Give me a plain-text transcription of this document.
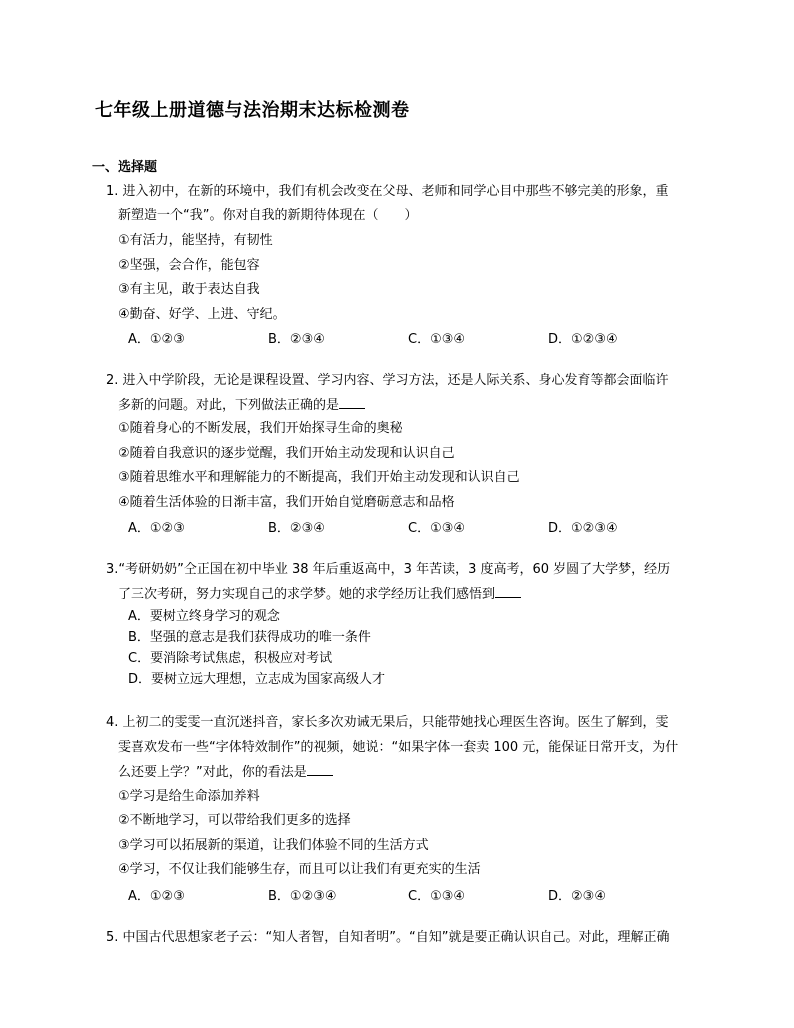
七年级上册道德与法治期末达标检测卷
一、选择题
1. 进入初中，在新的环境中，我们有机会改变在父母、老师和同学心目中那些不够完美的形象，重
新塑造一个“我”。你对自我的新期待体现在（　　）
①有活力，能坚持，有韧性
②坚强，会合作，能包容
③有主见，敢于表达自我
④勤奋、好学、上进、守纪。
A．①②③	B．②③④	C．①③④	D．①②③④
2. 进入中学阶段，无论是课程设置、学习内容、学习方法，还是人际关系、身心发育等都会面临许
多新的问题。对此，下列做法正确的是
①随着身心的不断发展，我们开始探寻生命的奥秘
②随着自我意识的逐步觉醒，我们开始主动发现和认识自己
③随着思维水平和理解能力的不断提高，我们开始主动发现和认识自己
④随着生活体验的日渐丰富，我们开始自觉磨砺意志和品格
A．①②③	B．②③④	C．①③④	D．①②③④
3.“考研奶奶”仝正国在初中毕业 38 年后重返高中，3 年苦读，3 度高考，60 岁圆了大学梦，经历
了三次考研，努力实现自己的求学梦。她的求学经历让我们感悟到
A．要树立终身学习的观念
B．坚强的意志是我们获得成功的唯一条件
C．要消除考试焦虑，积极应对考试
D．要树立远大理想，立志成为国家高级人才
4. 上初二的雯雯一直沉迷抖音，家长多次劝诫无果后，只能带她找心理医生咨询。医生了解到，雯
雯喜欢发布一些“字体特效制作”的视频，她说：“如果字体一套卖 100 元，能保证日常开支，为什
么还要上学？”对此，你的看法是
①学习是给生命添加养料
②不断地学习，可以带给我们更多的选择
③学习可以拓展新的渠道，让我们体验不同的生活方式
④学习，不仅让我们能够生存，而且可以让我们有更充实的生活
A．①②③	B．①②③④	C．①③④	D．②③④
5. 中国古代思想家老子云：“知人者智，自知者明”。“自知”就是要正确认识自己。对此，理解正确
